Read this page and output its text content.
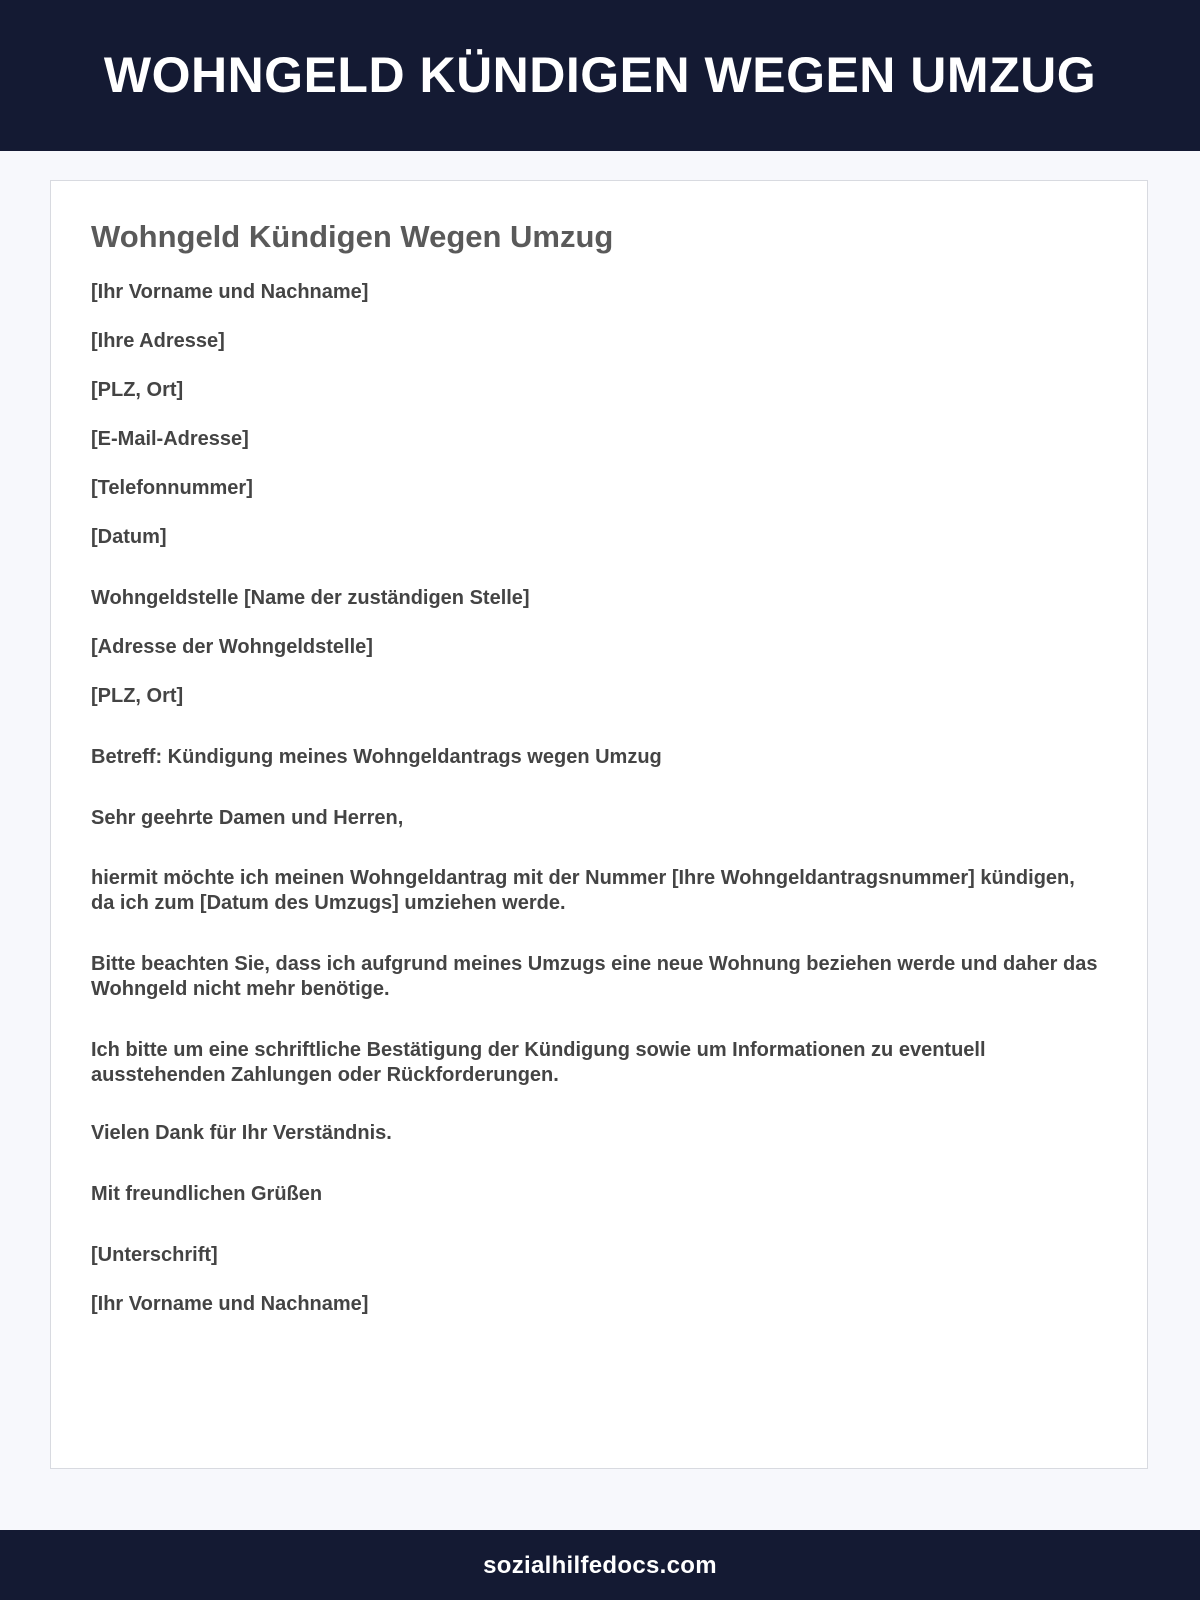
WOHNGELD KÜNDIGEN WEGEN UMZUG
Wohngeld Kündigen Wegen Umzug

[Ihr Vorname und Nachname]

[Ihre Adresse]

[PLZ, Ort]

[E-Mail-Adresse]

[Telefonnummer]

[Datum]

Wohngeldstelle [Name der zuständigen Stelle]

[Adresse der Wohngeldstelle]

[PLZ, Ort]

Betreff: Kündigung meines Wohngeldantrags wegen Umzug

Sehr geehrte Damen und Herren,

hiermit möchte ich meinen Wohngeldantrag mit der Nummer [Ihre Wohngeldantragsnummer] kündigen, da ich zum [Datum des Umzugs] umziehen werde.

Bitte beachten Sie, dass ich aufgrund meines Umzugs eine neue Wohnung beziehen werde und daher das Wohngeld nicht mehr benötige.

Ich bitte um eine schriftliche Bestätigung der Kündigung sowie um Informationen zu eventuell ausstehenden Zahlungen oder Rückforderungen.

Vielen Dank für Ihr Verständnis.

Mit freundlichen Grüßen

[Unterschrift]

[Ihr Vorname und Nachname]

sozialhilfedocs.com
